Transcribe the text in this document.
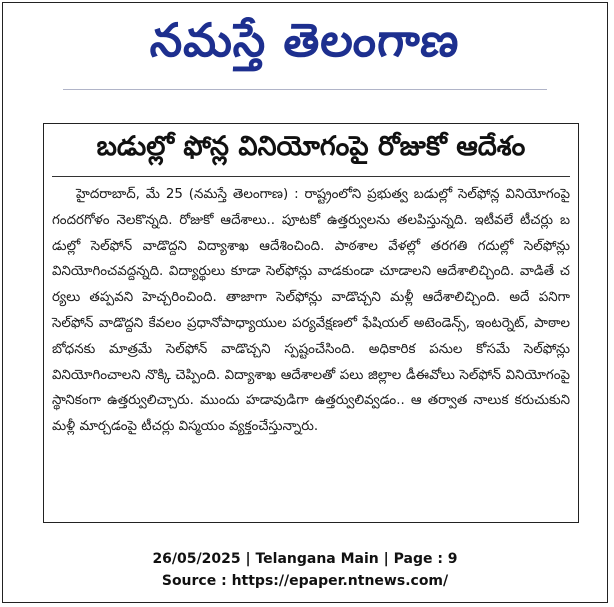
నమస్తే తెలంగాణ
బడుల్లో ఫోన్ల వినియోగంపై రోజుకో ఆదేశం

హైదరాబాద్, మే 25 (నమస్తే తెలంగాణ) : రాష్ట్రంలోని ప్రభుత్వ బడుల్లో సెల్‌ఫోన్ల వినియోగంపై గందరగోళం నెలకొన్నది. రోజుకో ఆదేశాలు.. పూటకో ఉత్తర్వులను తలపిస్తున్నది. ఇటీవలే టీచర్లు బడుల్లో సెల్‌ఫోన్ వాడొద్దని విద్యాశాఖ ఆదేశించింది. పాఠశాల వేళల్లో తరగతి గదుల్లో సెల్‌ఫోన్లు వినియోగించవద్దన్నది. విద్యార్థులు కూడా సెల్‌ఫోన్లు వాడకుండా చూడాలని ఆదేశాలిచ్చింది. వాడితే చర్యలు తప్పవని హెచ్చరించింది. తాజాగా సెల్‌ఫోన్లు వాడొచ్చని మళ్లీ ఆదేశాలిచ్చింది. అదే పనిగా సెల్‌ఫోన్ వాడొద్దని కేవలం ప్రధానోపాధ్యాయుల పర్యవేక్షణలో ఫేషియల్ అటెండెన్స్, ఇంటర్నెట్, పాఠాల బోధనకు మాత్రమే సెల్‌ఫోన్ వాడొచ్చని స్పష్టంచేసింది. అధికారిక పనుల కోసమే సెల్‌ఫోన్లు వినియోగించాలని నొక్కి చెప్పింది. విద్యాశాఖ ఆదేశాలతో పలు జిల్లాల డీఈవోలు సెల్‌ఫోన్ వినియోగంపై స్థానికంగా ఉత్తర్వులిచ్చారు. ముందు హడావుడిగా ఉత్తర్వులివ్వడం.. ఆ తర్వాత నాలుక కరుచుకుని మళ్లీ మార్చడంపై టీచర్లు విస్మయం వ్యక్తంచేస్తున్నారు.

26/05/2025 | Telangana Main | Page : 9
Source : https://epaper.ntnews.com/
